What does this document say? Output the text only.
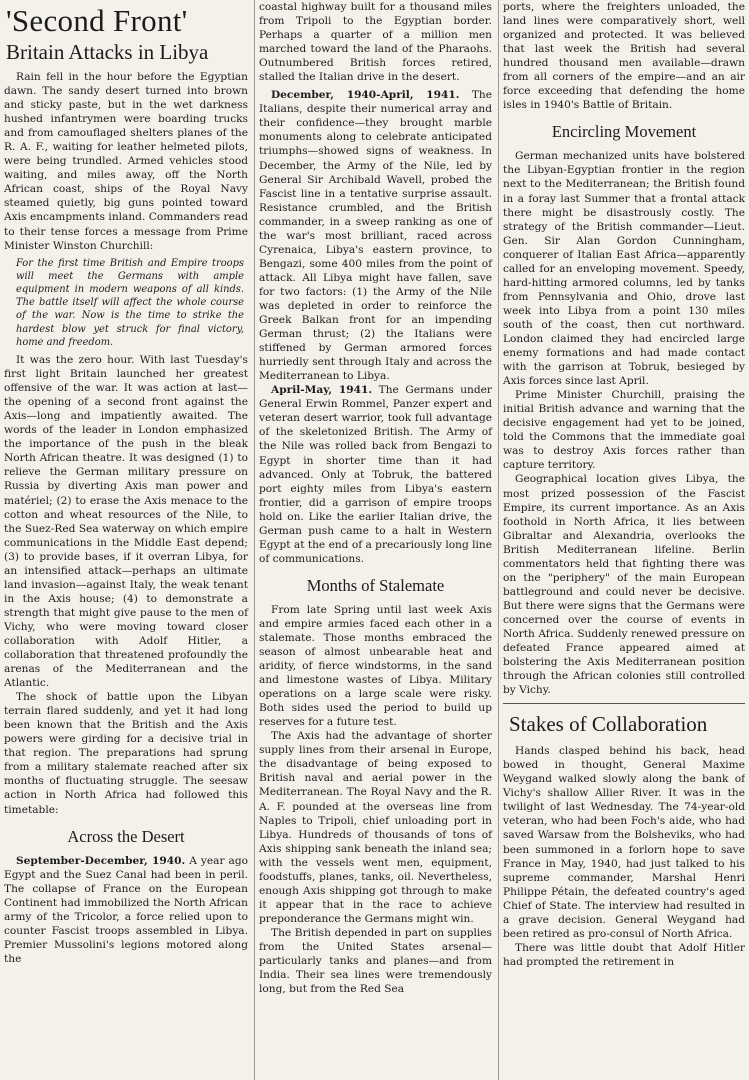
'Second Front'
Britain Attacks in Libya

Rain fell in the hour before the Egyptian dawn. The sandy desert turned into brown and sticky paste, but in the wet darkness hushed infantrymen were boarding trucks and from camouflaged shelters planes of the R. A. F., waiting for leather helmeted pilots, were being trundled. Armed vehicles stood waiting, and miles away, off the North African coast, ships of the Royal Navy steamed quietly, big guns pointed toward Axis encampments inland. Commanders read to their tense forces a message from Prime Minister Winston Churchill:

For the first time British and Empire troops will meet the Germans with ample equipment in modern weapons of all kinds. The battle itself will affect the whole course of the war. Now is the time to strike the hardest blow yet struck for final victory, home and freedom.

It was the zero hour. With last Tuesday's first light Britain launched her greatest offensive of the war. It was action at last—the opening of a second front against the Axis—long and impatiently awaited. The words of the leader in London emphasized the importance of the push in the bleak North African theatre. It was designed (1) to relieve the German military pressure on Russia by diverting Axis man power and matériel; (2) to erase the Axis menace to the cotton and wheat resources of the Nile, to the Suez-Red Sea waterway on which empire communications in the Middle East depend; (3) to provide bases, if it overran Libya, for an intensified attack—perhaps an ultimate land invasion—against Italy, the weak tenant in the Axis house; (4) to demonstrate a strength that might give pause to the men of Vichy, who were moving toward closer collaboration with Adolf Hitler, a collaboration that threatened profoundly the arenas of the Mediterranean and the Atlantic.

The shock of battle upon the Libyan terrain flared suddenly, and yet it had long been known that the British and the Axis powers were girding for a decisive trial in that region. The preparations had sprung from a military stalemate reached after six months of fluctuating struggle. The seesaw action in North Africa had followed this timetable:

Across the Desert

September-December, 1940. A year ago Egypt and the Suez Canal had been in peril. The collapse of France on the European Continent had immobilized the North African army of the Tricolor, a force relied upon to counter Fascist troops assembled in Libya. Premier Mussolini's legions motored along the

coastal highway built for a thousand miles from Tripoli to the Egyptian border. Perhaps a quarter of a million men marched toward the land of the Pharaohs. Outnumbered British forces retired, stalled the Italian drive in the desert.

December, 1940-April, 1941. The Italians, despite their numerical array and their confidence—they brought marble monuments along to celebrate anticipated triumphs—showed signs of weakness. In December, the Army of the Nile, led by General Sir Archibald Wavell, probed the Fascist line in a tentative surprise assault. Resistance crumbled, and the British commander, in a sweep ranking as one of the war's most brilliant, raced across Cyrenaica, Libya's eastern province, to Bengazi, some 400 miles from the point of attack. All Libya might have fallen, save for two factors: (1) the Army of the Nile was depleted in order to reinforce the Greek Balkan front for an impending German thrust; (2) the Italians were stiffened by German armored forces hurriedly sent through Italy and across the Mediterranean to Libya.

April-May, 1941. The Germans under General Erwin Rommel, Panzer expert and veteran desert warrior, took full advantage of the skeletonized British. The Army of the Nile was rolled back from Bengazi to Egypt in shorter time than it had advanced. Only at Tobruk, the battered port eighty miles from Libya's eastern frontier, did a garrison of empire troops hold on. Like the earlier Italian drive, the German push came to a halt in Western Egypt at the end of a precariously long line of communications.

Months of Stalemate

From late Spring until last week Axis and empire armies faced each other in a stalemate. Those months embraced the season of almost unbearable heat and aridity, of fierce windstorms, in the sand and limestone wastes of Libya. Military operations on a large scale were risky. Both sides used the period to build up reserves for a future test.

The Axis had the advantage of shorter supply lines from their arsenal in Europe, the disadvantage of being exposed to British naval and aerial power in the Mediterranean. The Royal Navy and the R. A. F. pounded at the overseas line from Naples to Tripoli, chief unloading port in Libya. Hundreds of thousands of tons of Axis shipping sank beneath the inland sea; with the vessels went men, equipment, foodstuffs, planes, tanks, oil. Nevertheless, enough Axis shipping got through to make it appear that in the race to achieve preponderance the Germans might win.

The British depended in part on supplies from the United States arsenal—particularly tanks and planes—and from India. Their sea lines were tremendously long, but from the Red Sea

ports, where the freighters unloaded, the land lines were comparatively short, well organized and protected. It was believed that last week the British had several hundred thousand men available—drawn from all corners of the empire—and an air force exceeding that defending the home isles in 1940's Battle of Britain.

Encircling Movement

German mechanized units have bolstered the Libyan-Egyptian frontier in the region next to the Mediterranean; the British found in a foray last Summer that a frontal attack there might be disastrously costly. The strategy of the British commander—Lieut. Gen. Sir Alan Gordon Cunningham, conquerer of Italian East Africa—apparently called for an enveloping movement. Speedy, hard-hitting armored columns, led by tanks from Pennsylvania and Ohio, drove last week into Libya from a point 130 miles south of the coast, then cut northward. London claimed they had encircled large enemy formations and had made contact with the garrison at Tobruk, besieged by Axis forces since last April.

Prime Minister Churchill, praising the initial British advance and warning that the decisive engagement had yet to be joined, told the Commons that the immediate goal was to destroy Axis forces rather than capture territory.

Geographical location gives Libya, the most prized possession of the Fascist Empire, its current importance. As an Axis foothold in North Africa, it lies between Gibraltar and Alexandria, overlooks the British Mediterranean lifeline. Berlin commentators held that fighting there was on the "periphery" of the main European battleground and could never be decisive. But there were signs that the Germans were concerned over the course of events in North Africa. Suddenly renewed pressure on defeated France appeared aimed at bolstering the Axis Mediterranean position through the African colonies still controlled by Vichy.

Stakes of Collaboration

Hands clasped behind his back, head bowed in thought, General Maxime Weygand walked slowly along the bank of Vichy's shallow Allier River. It was in the twilight of last Wednesday. The 74-year-old veteran, who had been Foch's aide, who had saved Warsaw from the Bolsheviks, who had been summoned in a forlorn hope to save France in May, 1940, had just talked to his supreme commander, Marshal Henri Philippe Pétain, the defeated country's aged Chief of State. The interview had resulted in a grave decision. General Weygand had been retired as pro-consul of North Africa.

There was little doubt that Adolf Hitler had prompted the retirement in
